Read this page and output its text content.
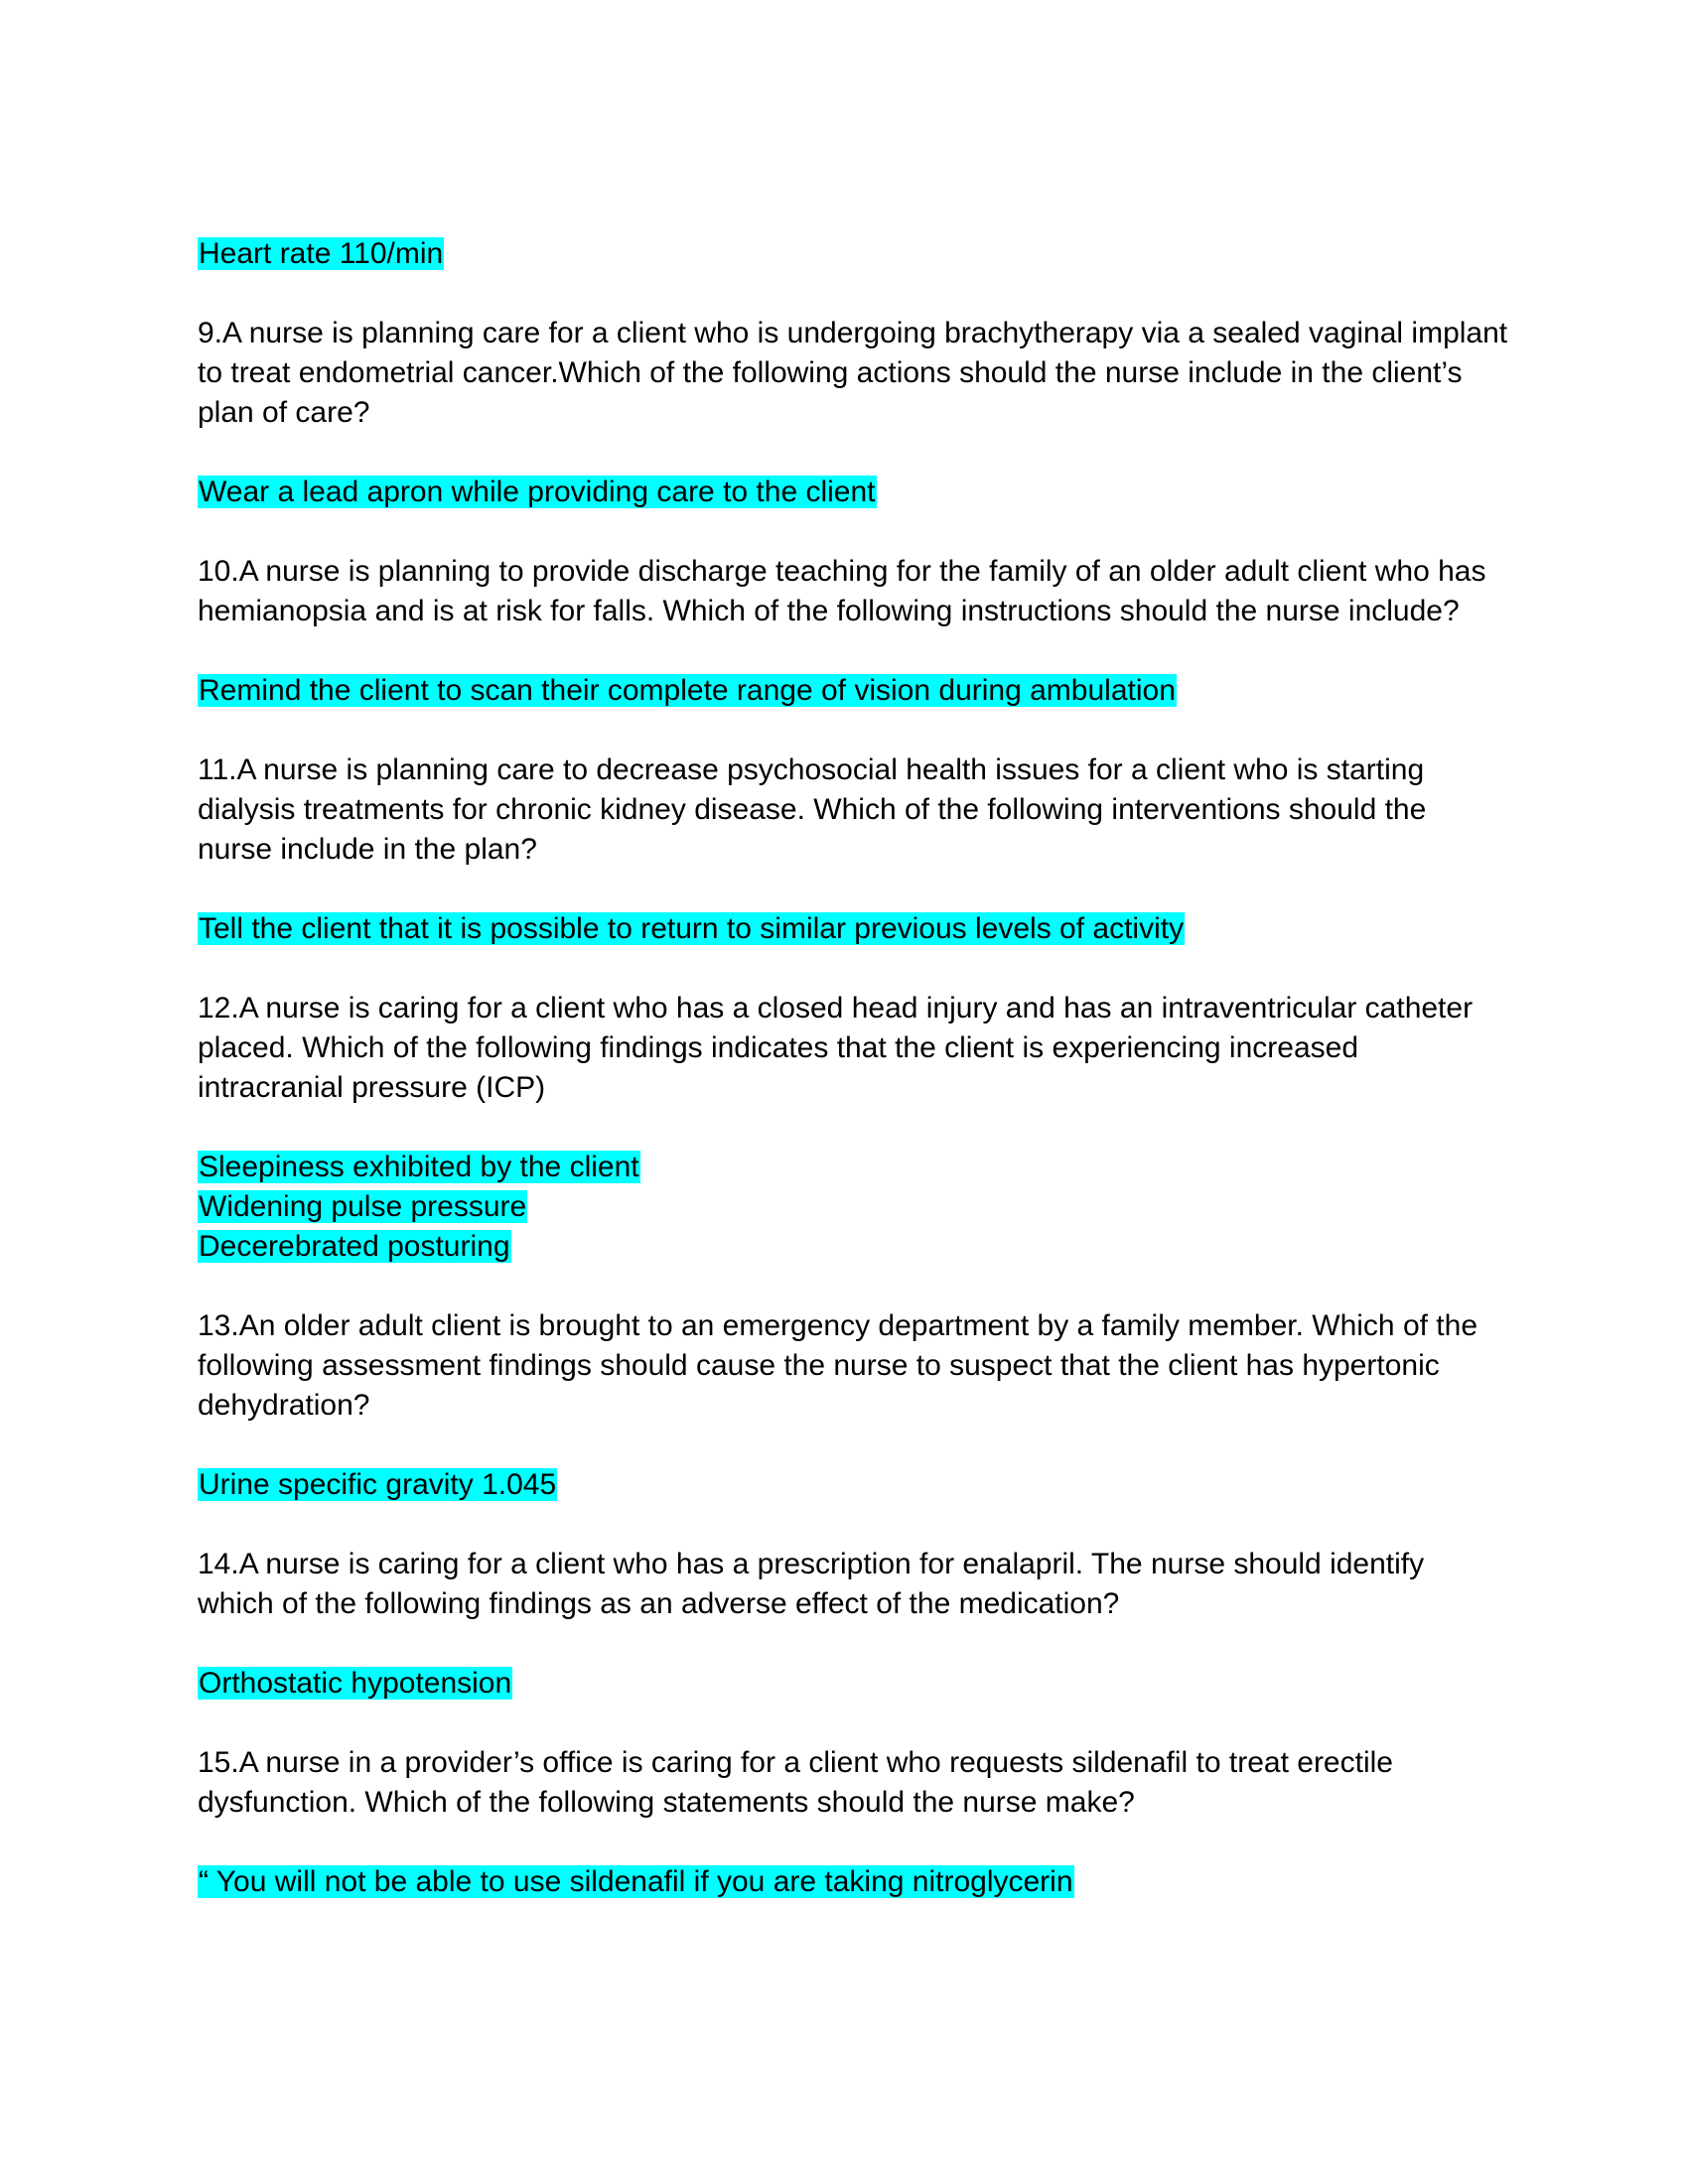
Heart rate 110/min

9.A nurse is planning care for a client who is undergoing brachytherapy via a sealed vaginal implant to treat endometrial cancer.Which of the following actions should the nurse include in the client’s plan of care?

Wear a lead apron while providing care to the client

10.A nurse is planning to provide discharge teaching for the family of an older adult client who has hemianopsia and is at risk for falls. Which of the following instructions should the nurse include?

Remind the client to scan their complete range of vision during ambulation

11.A nurse is planning care to decrease psychosocial health issues for a client who is starting dialysis treatments for chronic kidney disease. Which of the following interventions should the nurse include in the plan?

Tell the client that it is possible to return to similar previous levels of activity

12.A nurse is caring for a client who has a closed head injury and has an intraventricular catheter placed. Which of the following findings indicates that the client is experiencing increased intracranial pressure (ICP)

Sleepiness exhibited by the client
Widening pulse pressure
Decerebrated posturing

13.An older adult client is brought to an emergency department by a family member. Which of the following assessment findings should cause the nurse to suspect that the client has hypertonic dehydration?

Urine specific gravity 1.045

14.A nurse is caring for a client who has a prescription for enalapril. The nurse should identify which of the following findings as an adverse effect of the medication?

Orthostatic hypotension

15.A nurse in a provider’s office is caring for a client who requests sildenafil to treat erectile dysfunction. Which of the following statements should the nurse make?

“ You will not be able to use sildenafil if you are taking nitroglycerin
